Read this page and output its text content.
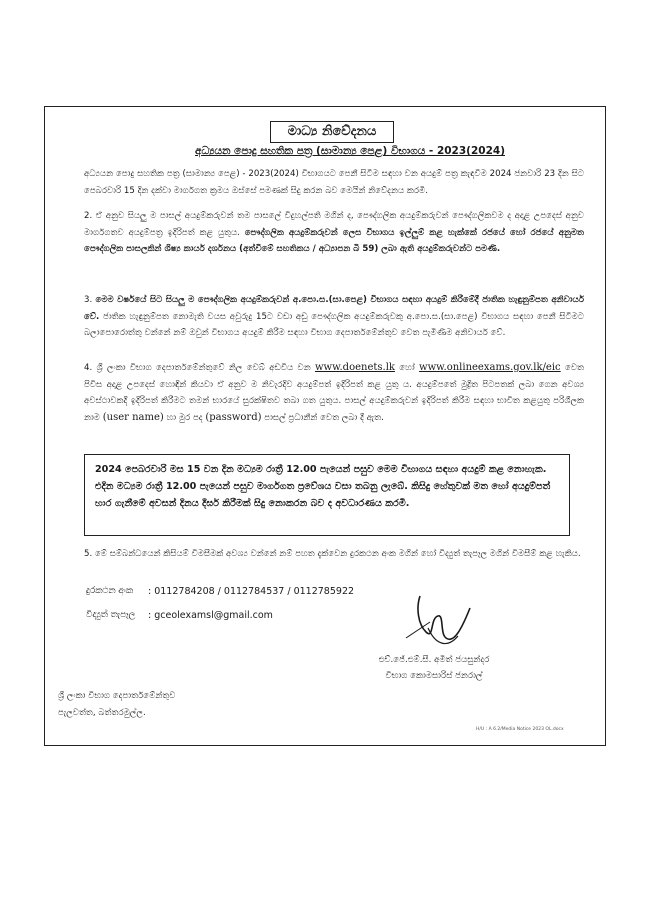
මාධ්‍ය නිවේදනය
අධ්‍යයන පොදු සහතික පත්‍ර (සාමාන්‍ය පෙළ) විභාගය - 2023(2024)
අධ්‍යයන පොදු සහතික පත්‍ර (සාමාන්‍ය පෙළ) - 2023(2024) විභාගයට පෙනී සිටීම සඳහා වන අයදුම් පත්‍ර කැඳවීම 2024 ජනවාරි 23 දින සිට පෙබරවාරි 15 දින දක්වා මාර්ගගත ක්‍රමය ඔස්සේ පමණක් සිදු කරන බව මෙයින් නිවේදනය කරමි.
2. ඒ අනුව සියලු ම පාසල් අයදුම්කරුවන් තම පාසලේ විදුහල්පති මගින් ද, පෞද්ගලික අයදුම්කරුවන් පෞද්ගලිකවම ද අදාළ උපදෙස් අනුව මාර්ගගතව අයදුම්පත්‍ර ඉදිරිපත් කළ යුතුය. පෞද්ගලික අයදුම්කරුවන් ලෙස විභාගය ඉල්ලුම් කළ හැක්කේ රජයේ හෝ රජයේ අනුමත පෞද්ගලික පාසලකින් ශිෂ්‍ය කාර්ය දර්ශනය (අත්වීමේ සහතිකය / අධ්‍යාපන බී 59) ලබා ඇති අයදුම්කරුවන්ට පමණි.
3. මෙම වර්ෂයේ සිට සියලු ම පෞද්ගලික අයදුම්කරුවන් අ.පො.ස.(සා.පෙළ) විභාගය සඳහා අයදුම් කිරීමේදී ජාතික හැඳුනුම්පත අනිවාර්ය වේ. ජාතික හැඳුනුම්පත නොමැති වයස අවුරුදු 15ට වඩා අඩු පෞද්ගලික අයදුම්කරුවකු අ.පො.ස.(සා.පෙළ) විභාගය සඳහා පෙනී සිටීමට බලාපොරොත්තු වන්නේ නම් ඔවුන් විභාගය අයදුම් කිරීම සඳහා විභාග දෙපාර්තමේන්තුව වෙත පැමිණීම අනිවාර්ය වේ.
4. ශ්‍රී ලංකා විභාග දෙපාර්තමේන්තුවේ නිල වෙබ් අඩවිය වන www.doenets.lk හෝ www.onlineexams.gov.lk/eic වෙත පිවිස අදාළ උපදෙස් හොඳින් කියවා ඒ අනුව ම නිවැරදිව අයදුම්පත් ඉදිරිපත් කළ යුතු ය. අයදුම්පතේ මුද්‍රිත පිටපතක් ලබා ගෙන අවශ්‍ය අවස්ථාවකදී ඉදිරිපත් කිරීමට තමන් භාරයේ සුරක්ෂිතව තබා ගත යුතුය. පාසල් අයදුම්කරුවන් ඉදිරිපත් කිරීම සඳහා භාවිත කළයුතු පරිශීලක නාම (user name) හා මුර පද (password) පාසල් ප්‍රධානීන් වෙත ලබා දී ඇත.
2024 පෙබරවාරි මස 15 වන දින මධ්‍යම රාත්‍රී 12.00 පැයෙන් පසුව මෙම විභාගය සඳහා අයදුම් කළ නොහැක. එදින මධ්‍යම රාත්‍රී 12.00 පැයෙන් පසුව මාර්ගගත ප්‍රවේශය වසා තබනු ලැබේ. කිසිදු හේතුවක් මත හෝ අයදුම්පත් භාර ගැනීමේ අවසන් දිනය දීර්ඝ කිරීමක් සිදු නොකරන බව ද අවධාරණය කරමි.
5. මේ සම්බන්ධයෙන් කිසියම් විමසීමක් අවශ්‍ය වන්නේ නම් පහත දැක්වෙන දුරකථන අංක මගින් හෝ විද්‍යුත් තැපෑල මගින් විමසීම් කළ හැකිය.
දුරකථන අංක	: 0112784208 / 0112784537 / 0112785922
විද්‍යුත් තැපෑල	: gceolexamsl@gmail.com
එච්.ජේ.එම්.සී. අමිත් ජයසුන්දර
විභාග කොමසාරිස් ජනරාල්
ශ්‍රී ලංකා විභාග දෙපාර්තමේන්තුව
පැලවත්ත, බත්තරමුල්ල.
H/U : A 6.2/Media Notice 2023 OL.docx
